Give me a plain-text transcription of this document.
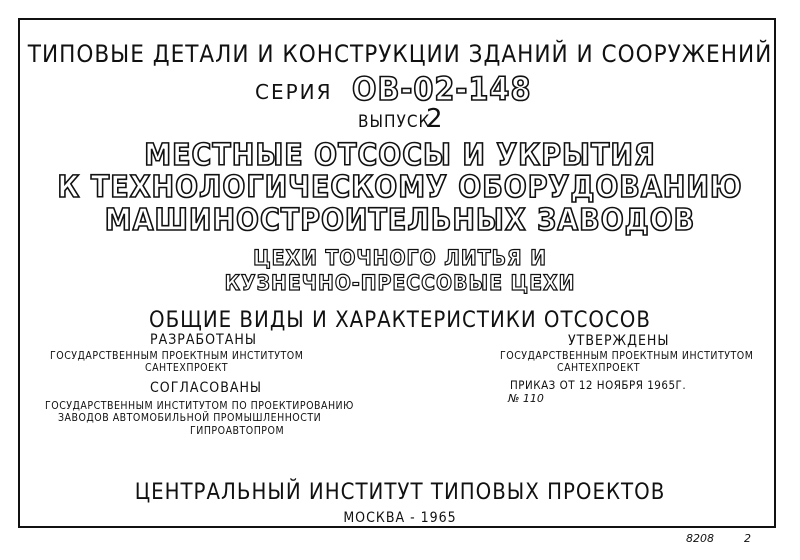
ТИПОВЫЕ ДЕТАЛИ И КОНСТРУКЦИИ ЗДАНИЙ И СООРУЖЕНИЙ
СЕРИЯ ОВ-02-148
ВЫПУСК
2
МЕСТНЫЕ ОТСОСЫ И УКРЫТИЯ
К ТЕХНОЛОГИЧЕСКОМУ ОБОРУДОВАНИЮ
МАШИНОСТРОИТЕЛЬНЫХ ЗАВОДОВ
ЦЕХИ ТОЧНОГО ЛИТЬЯ И
КУЗНЕЧНО-ПРЕССОВЫЕ ЦЕХИ
ОБЩИЕ ВИДЫ И ХАРАКТЕРИСТИКИ ОТСОСОВ
РАЗРАБОТАНЫ
ГОСУДАРСТВЕННЫМ ПРОЕКТНЫМ ИНСТИТУТОМ
САНТЕХПРОЕКТ
УТВЕРЖДЕНЫ
ГОСУДАРСТВЕННЫМ ПРОЕКТНЫМ ИНСТИТУТОМ
САНТЕХПРОЕКТ
ПРИКАЗ ОТ 12 НОЯБРЯ 1965Г.
№ 110
СОГЛАСОВАНЫ
ГОСУДАРСТВЕННЫМ ИНСТИТУТОМ ПО ПРОЕКТИРОВАНИЮ
ЗАВОДОВ АВТОМОБИЛЬНОЙ ПРОМЫШЛЕННОСТИ
ГИПРОАВТОПРОМ
ЦЕНТРАЛЬНЫЙ ИНСТИТУТ ТИПОВЫХ ПРОЕКТОВ
МОСКВА - 1965
8208	2
